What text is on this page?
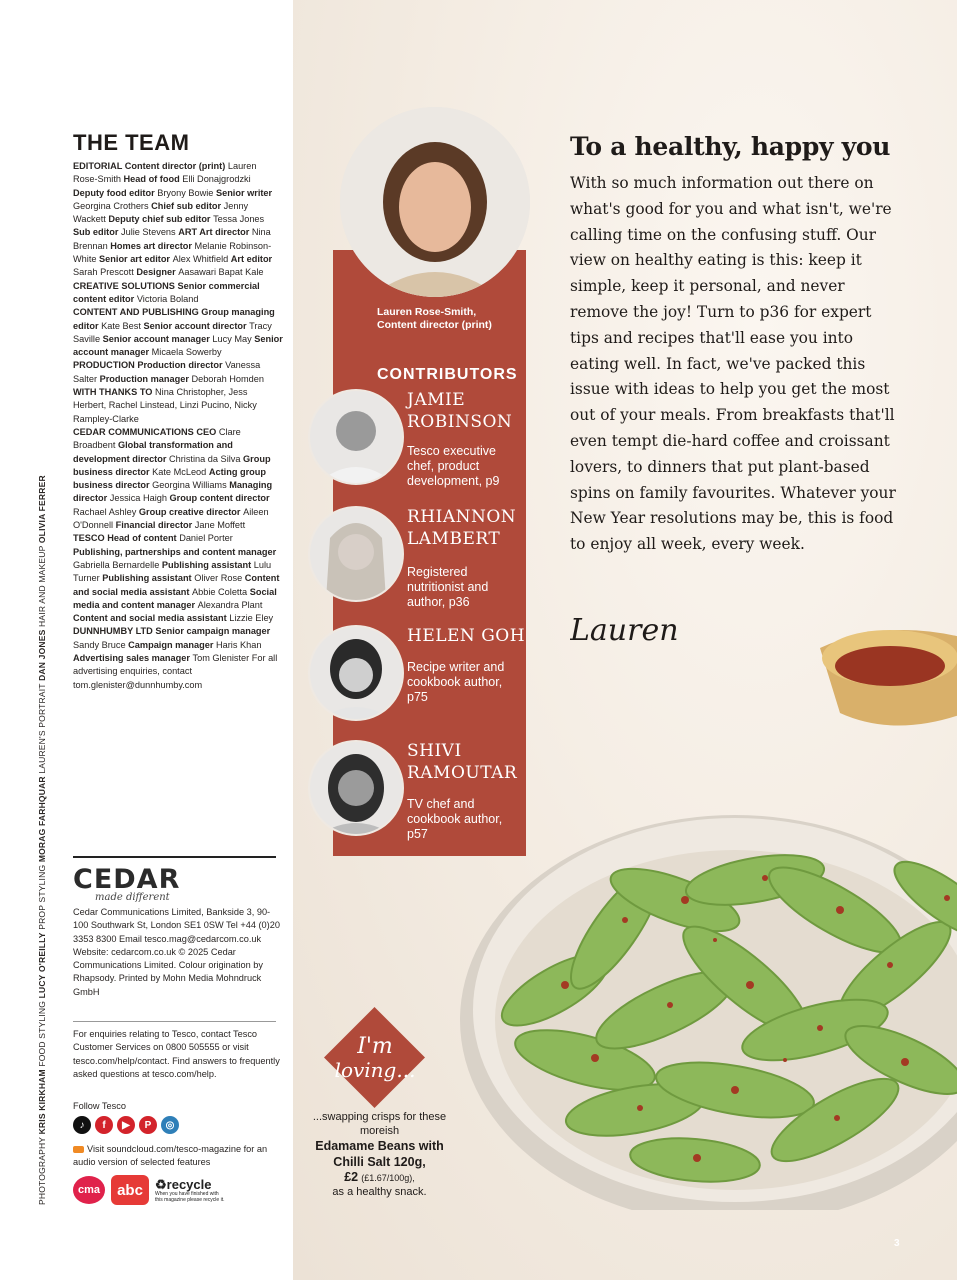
PHOTOGRAPHY KRIS KIRKHAM FOOD STYLING LUCY O'REILLY PROP STYLING MORAG FARHQUAR LAUREN'S PORTRAIT DAN JONES HAIR AND MAKEUP OLIVIA FERRER
THE TEAM
EDITORIAL Content director (print) Lauren Rose-Smith Head of food Elli Donajgrodzki Deputy food editor Bryony Bowie Senior writer Georgina Crothers Chief sub editor Jenny Wackett Deputy chief sub editor Tessa Jones Sub editor Julie Stevens ART Art director Nina Brennan Homes art director Melanie Robinson-White Senior art editor Alex Whitfield Art editor Sarah Prescott Designer Aasawari Bapat Kale
CREATIVE SOLUTIONS Senior commercial content editor Victoria Boland
CONTENT AND PUBLISHING Group managing editor Kate Best Senior account director Tracy Saville Senior account manager Lucy May Senior account manager Micaela Sowerby
PRODUCTION Production director Vanessa Salter Production manager Deborah Homden
WITH THANKS TO Nina Christopher, Jess Herbert, Rachel Linstead, Linzi Pucino, Nicky Rampley-Clarke
CEDAR COMMUNICATIONS CEO Clare Broadbent Global transformation and development director Christina da Silva Group business director Kate McLeod Acting group business director Georgina Williams Managing director Jessica Haigh Group content director Rachael Ashley Group creative director Aileen O'Donnell Financial director Jane Moffett
TESCO Head of content Daniel Porter Publishing, partnerships and content manager Gabriella Bernardelle Publishing assistant Lulu Turner Publishing assistant Oliver Rose Content and social media assistant Abbie Coletta Social media and content manager Alexandra Plant Content and social media assistant Lizzie Eley
DUNNHUMBY LTD Senior campaign manager Sandy Bruce Campaign manager Haris Khan Advertising sales manager Tom Glenister For all advertising enquiries, contact tom.glenister@dunnhumby.com
CEDAR
made different
Cedar Communications Limited, Bankside 3, 90-100 Southwark St, London SE1 0SW Tel +44 (0)20 3353 8300 Email tesco.mag@cedarcom.co.uk Website: cedarcom.co.uk © 2025 Cedar Communications Limited. Colour origination by Rhapsody. Printed by Mohn Media Mohndruck GmbH
For enquiries relating to Tesco, contact Tesco Customer Services on 0800 505555 or visit tesco.com/help/contact. Find answers to frequently asked questions at tesco.com/help.
Follow Tesco
♪	f	▶	P	◎
Visit soundcloud.com/tesco-magazine for an audio version of selected features
cma	abc ♻recycle
When you have finished with this magazine please recycle it.
Lauren Rose-Smith,
Content director (print)
CONTRIBUTORS
JAMIE
ROBINSON
Tesco executive chef, product development, p9
RHIANNON
LAMBERT
Registered nutritionist and author, p36
HELEN GOH
Recipe writer and cookbook author, p75
SHIVI
RAMOUTAR
TV chef and cookbook author, p57
To a healthy, happy you
With so much information out there on what's good for you and what isn't, we're calling time on the confusing stuff. Our view on healthy eating is this: keep it simple, keep it personal, and never remove the joy! Turn to p36 for expert tips and recipes that'll ease you into eating well. In fact, we've packed this issue with ideas to help you get the most out of your meals. From breakfasts that'll even tempt die-hard coffee and croissant lovers, to dinners that put plant-based spins on family favourites. Whatever your New Year resolutions may be, this is food to enjoy all week, every week.
Lauren
I'm
loving...
...swapping crisps for these moreish
Edamame Beans with Chilli Salt 120g,
£2 (£1.67/100g),
as a healthy snack.
3
